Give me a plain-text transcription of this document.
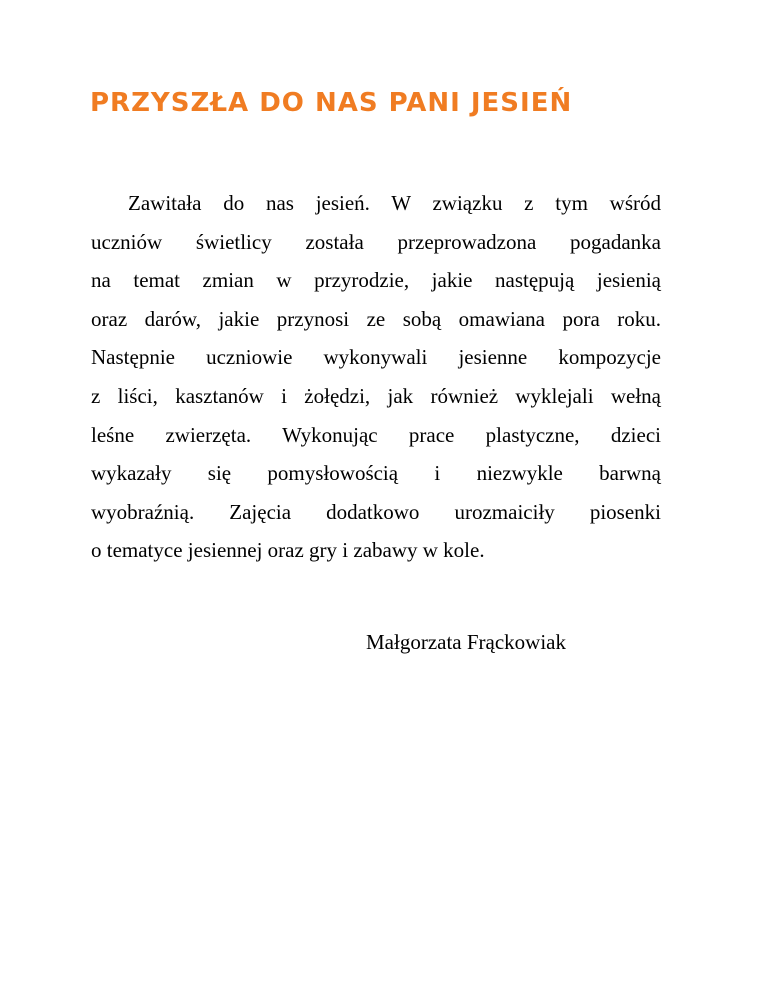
PRZYSZŁA DO NAS PANI JESIEŃ
Zawitała do nas jesień. W związku z tym wśród
uczniów świetlicy została przeprowadzona pogadanka
na temat zmian w przyrodzie, jakie następują jesienią
oraz darów, jakie przynosi ze sobą omawiana pora roku.
Następnie uczniowie wykonywali jesienne kompozycje
z liści, kasztanów i żołędzi, jak również wyklejali wełną
leśne zwierzęta. Wykonując prace plastyczne, dzieci
wykazały się pomysłowością i niezwykle barwną
wyobraźnią. Zajęcia dodatkowo urozmaiciły piosenki
o tematyce jesiennej oraz gry i zabawy w kole.

Małgorzata Frąckowiak
